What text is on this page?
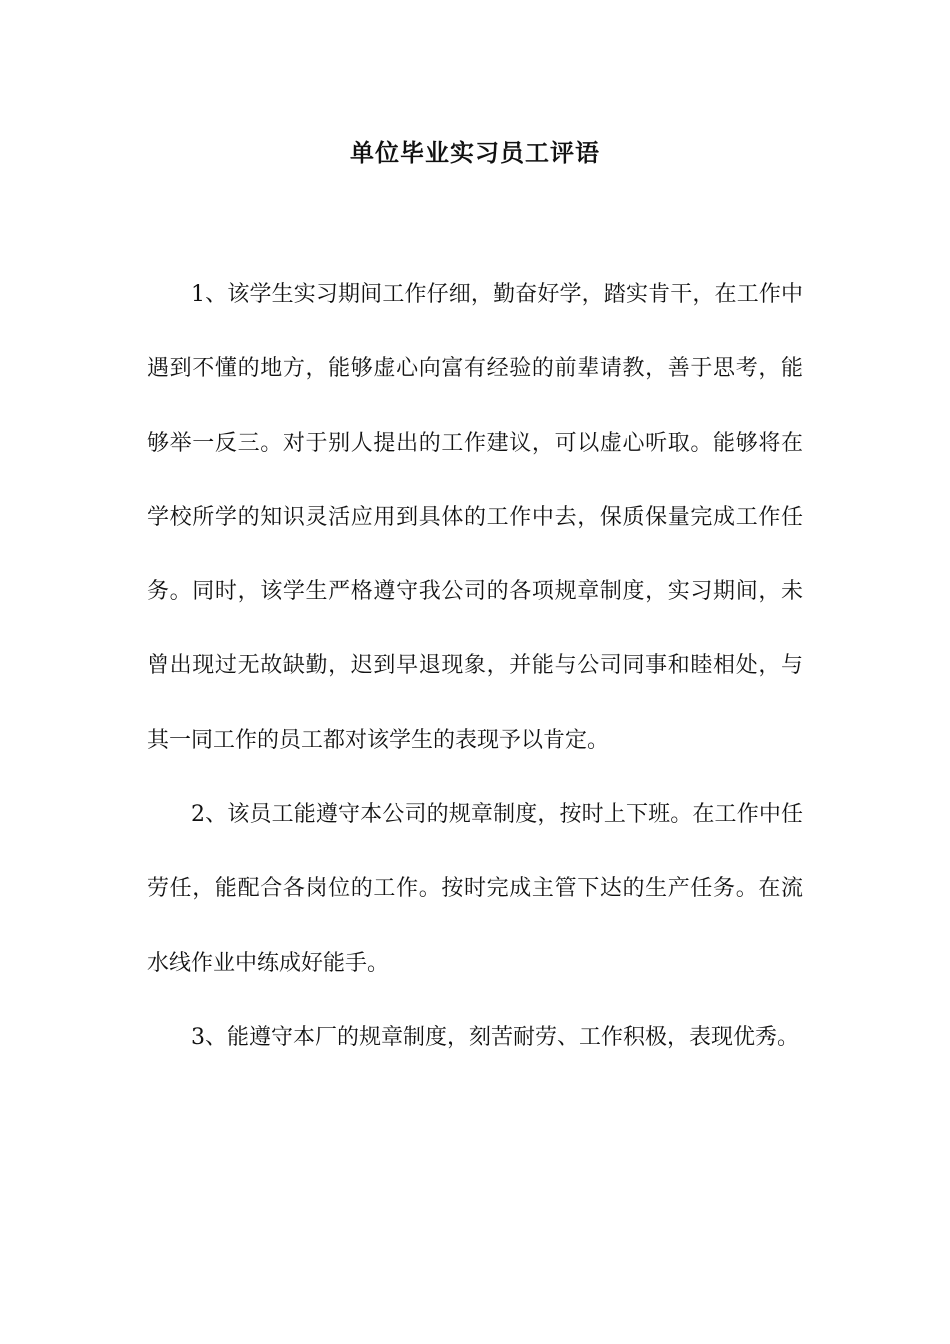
单位毕业实习员工评语

1、该学生实习期间工作仔细，勤奋好学，踏实肯干，在工作中遇到不懂的地方，能够虚心向富有经验的前辈请教，善于思考，能够举一反三。对于别人提出的工作建议，可以虚心听取。能够将在学校所学的知识灵活应用到具体的工作中去，保质保量完成工作任务。同时，该学生严格遵守我公司的各项规章制度，实习期间，未曾出现过无故缺勤，迟到早退现象，并能与公司同事和睦相处，与其一同工作的员工都对该学生的表现予以肯定。

2、该员工能遵守本公司的规章制度，按时上下班。在工作中任劳任，能配合各岗位的工作。按时完成主管下达的生产任务。在流水线作业中练成好能手。

3、能遵守本厂的规章制度，刻苦耐劳、工作积极，表现优秀。
